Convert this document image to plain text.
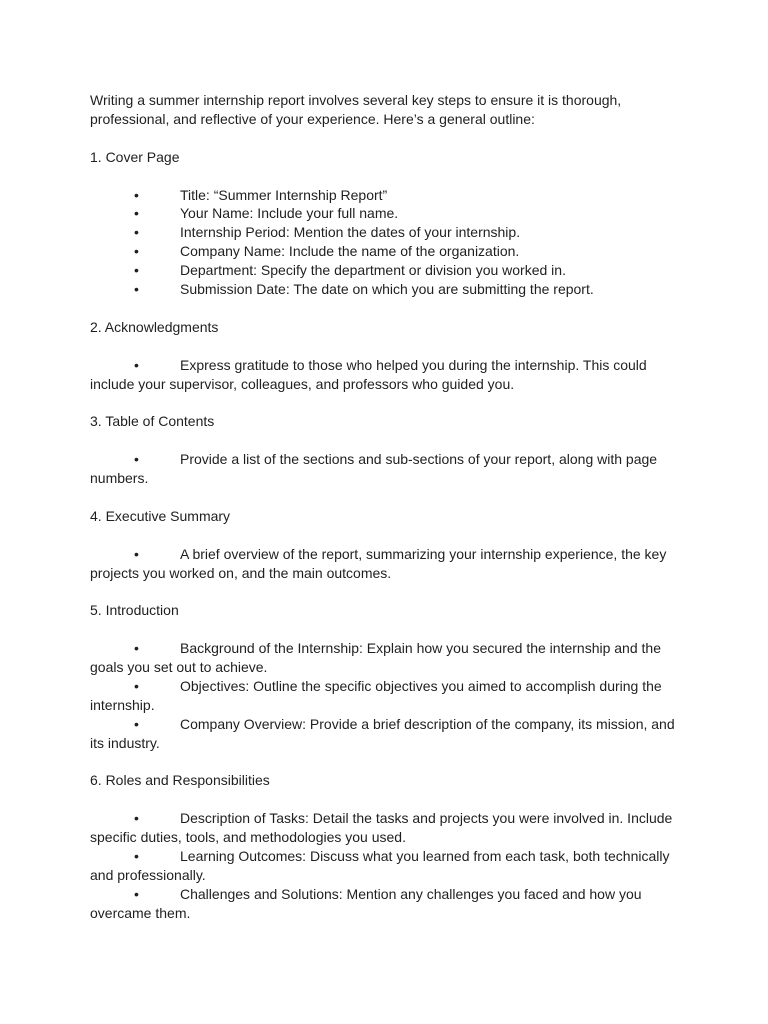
Writing a summer internship report involves several key steps to ensure it is thorough, professional, and reflective of your experience. Here’s a general outline:

1. Cover Page

•	Title: “Summer Internship Report”
•	Your Name: Include your full name.
•	Internship Period: Mention the dates of your internship.
•	Company Name: Include the name of the organization.
•	Department: Specify the department or division you worked in.
•	Submission Date: The date on which you are submitting the report.

2. Acknowledgments

•	Express gratitude to those who helped you during the internship. This could include your supervisor, colleagues, and professors who guided you.

3. Table of Contents

•	Provide a list of the sections and sub-sections of your report, along with page numbers.

4. Executive Summary

•	A brief overview of the report, summarizing your internship experience, the key projects you worked on, and the main outcomes.

5. Introduction

•	Background of the Internship: Explain how you secured the internship and the goals you set out to achieve.
•	Objectives: Outline the specific objectives you aimed to accomplish during the internship.
•	Company Overview: Provide a brief description of the company, its mission, and its industry.

6. Roles and Responsibilities

•	Description of Tasks: Detail the tasks and projects you were involved in. Include specific duties, tools, and methodologies you used.
•	Learning Outcomes: Discuss what you learned from each task, both technically and professionally.
•	Challenges and Solutions: Mention any challenges you faced and how you overcame them.
